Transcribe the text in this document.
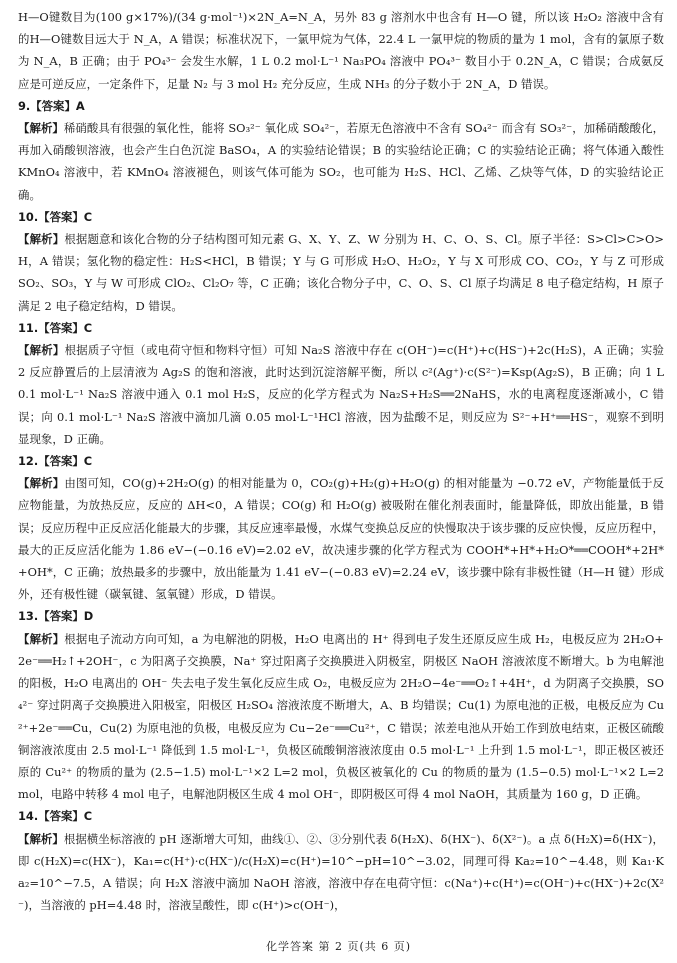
H—O键数目为(100 g×17%)/(34 g·mol⁻¹)×2N_A=N_A，另外 83 g 溶剂水中也含有 H—O 键，所以该 H₂O₂ 溶液中含有的H—O键数目远大于 N_A，A 错误；标准状况下，一氯甲烷为气体，22.4 L 一氯甲烷的物质的量为 1 mol，含有的氯原子数为 N_A，B 正确；由于 PO₄³⁻ 会发生水解，1 L 0.2 mol·L⁻¹ Na₃PO₄ 溶液中 PO₄³⁻ 数目小于 0.2N_A，C 错误；合成氨反应是可逆反应，一定条件下，足量 N₂ 与 3 mol H₂ 充分反应，生成 NH₃ 的分子数小于 2N_A，D 错误。

9.【答案】A

【解析】稀硝酸具有很强的氧化性，能将 SO₃²⁻ 氧化成 SO₄²⁻，若原无色溶液中不含有 SO₄²⁻ 而含有 SO₃²⁻，加稀硝酸酸化，再加入硝酸钡溶液，也会产生白色沉淀 BaSO₄，A 的实验结论错误；B 的实验结论正确；C 的实验结论正确；将气体通入酸性 KMnO₄ 溶液中，若 KMnO₄ 溶液褪色，则该气体可能为 SO₂，也可能为 H₂S、HCl、乙烯、乙炔等气体，D 的实验结论正确。

10.【答案】C

【解析】根据题意和该化合物的分子结构图可知元素 G、X、Y、Z、W 分别为 H、C、O、S、Cl。原子半径：S>Cl>C>O>H，A 错误；氢化物的稳定性：H₂S<HCl，B 错误；Y 与 G 可形成 H₂O、H₂O₂，Y 与 X 可形成 CO、CO₂，Y 与 Z 可形成 SO₂、SO₃，Y 与 W 可形成 ClO₂、Cl₂O₇ 等，C 正确；该化合物分子中，C、O、S、Cl 原子均满足 8 电子稳定结构，H 原子满足 2 电子稳定结构，D 错误。

11.【答案】C

【解析】根据质子守恒（或电荷守恒和物料守恒）可知 Na₂S 溶液中存在 c(OH⁻)=c(H⁺)+c(HS⁻)+2c(H₂S)，A 正确；实验 2 反应静置后的上层清液为 Ag₂S 的饱和溶液，此时达到沉淀溶解平衡，所以 c²(Ag⁺)·c(S²⁻)=Ksp(Ag₂S)，B 正确；向 1 L 0.1 mol·L⁻¹ Na₂S 溶液中通入 0.1 mol H₂S，反应的化学方程式为 Na₂S+H₂S══2NaHS，水的电离程度逐渐减小，C 错误；向 0.1 mol·L⁻¹ Na₂S 溶液中滴加几滴 0.05 mol·L⁻¹HCl 溶液，因为盐酸不足，则反应为 S²⁻+H⁺══HS⁻，观察不到明显现象，D 正确。

12.【答案】C

【解析】由图可知，CO(g)+2H₂O(g) 的相对能量为 0，CO₂(g)+H₂(g)+H₂O(g) 的相对能量为 −0.72 eV，产物能量低于反应物能量，为放热反应，反应的 ΔH<0，A 错误；CO(g) 和 H₂O(g) 被吸附在催化剂表面时，能量降低，即放出能量，B 错误；反应历程中正反应活化能最大的步骤，其反应速率最慢，水煤气变换总反应的快慢取决于该步骤的反应快慢，反应历程中，最大的正反应活化能为 1.86 eV−(−0.16 eV)=2.02 eV，故决速步骤的化学方程式为 COOH*+H*+H₂O*══COOH*+2H*+OH*，C 正确；放热最多的步骤中，放出能量为 1.41 eV−(−0.83 eV)=2.24 eV，该步骤中除有非极性键（H—H 键）形成外，还有极性键（碳氧键、氢氧键）形成，D 错误。

13.【答案】D

【解析】根据电子流动方向可知，a 为电解池的阴极，H₂O 电离出的 H⁺ 得到电子发生还原反应生成 H₂，电极反应为 2H₂O+2e⁻══H₂↑+2OH⁻，c 为阳离子交换膜，Na⁺ 穿过阳离子交换膜进入阴极室，阴极区 NaOH 溶液浓度不断增大。b 为电解池的阳极，H₂O 电离出的 OH⁻ 失去电子发生氧化反应生成 O₂，电极反应为 2H₂O−4e⁻══O₂↑+4H⁺，d 为阴离子交换膜，SO₄²⁻ 穿过阴离子交换膜进入阳极室，阳极区 H₂SO₄ 溶液浓度不断增大，A、B 均错误；Cu(1) 为原电池的正极，电极反应为 Cu²⁺+2e⁻══Cu，Cu(2) 为原电池的负极，电极反应为 Cu−2e⁻══Cu²⁺，C 错误；浓差电池从开始工作到放电结束，正极区硫酸铜溶液浓度由 2.5 mol·L⁻¹ 降低到 1.5 mol·L⁻¹，负极区硫酸铜溶液浓度由 0.5 mol·L⁻¹ 上升到 1.5 mol·L⁻¹，即正极区被还原的 Cu²⁺ 的物质的量为 (2.5−1.5) mol·L⁻¹×2 L=2 mol，负极区被氧化的 Cu 的物质的量为 (1.5−0.5) mol·L⁻¹×2 L=2 mol，电路中转移 4 mol 电子，电解池阴极区生成 4 mol OH⁻，即阴极区可得 4 mol NaOH，其质量为 160 g，D 正确。

14.【答案】C

【解析】根据横坐标溶液的 pH 逐渐增大可知，曲线①、②、③分别代表 δ(H₂X)、δ(HX⁻)、δ(X²⁻)。a 点 δ(H₂X)=δ(HX⁻)，即 c(H₂X)=c(HX⁻)，Ka₁=c(H⁺)·c(HX⁻)/c(H₂X)=c(H⁺)=10^−pH=10^−3.02，同理可得 Ka₂=10^−4.48，则 Ka₁·Ka₂=10^−7.5，A 错误；向 H₂X 溶液中滴加 NaOH 溶液，溶液中存在电荷守恒：c(Na⁺)+c(H⁺)=c(OH⁻)+c(HX⁻)+2c(X²⁻)，当溶液的 pH=4.48 时，溶液呈酸性，即 c(H⁺)>c(OH⁻)，

化学答案 第 2 页(共 6 页)
